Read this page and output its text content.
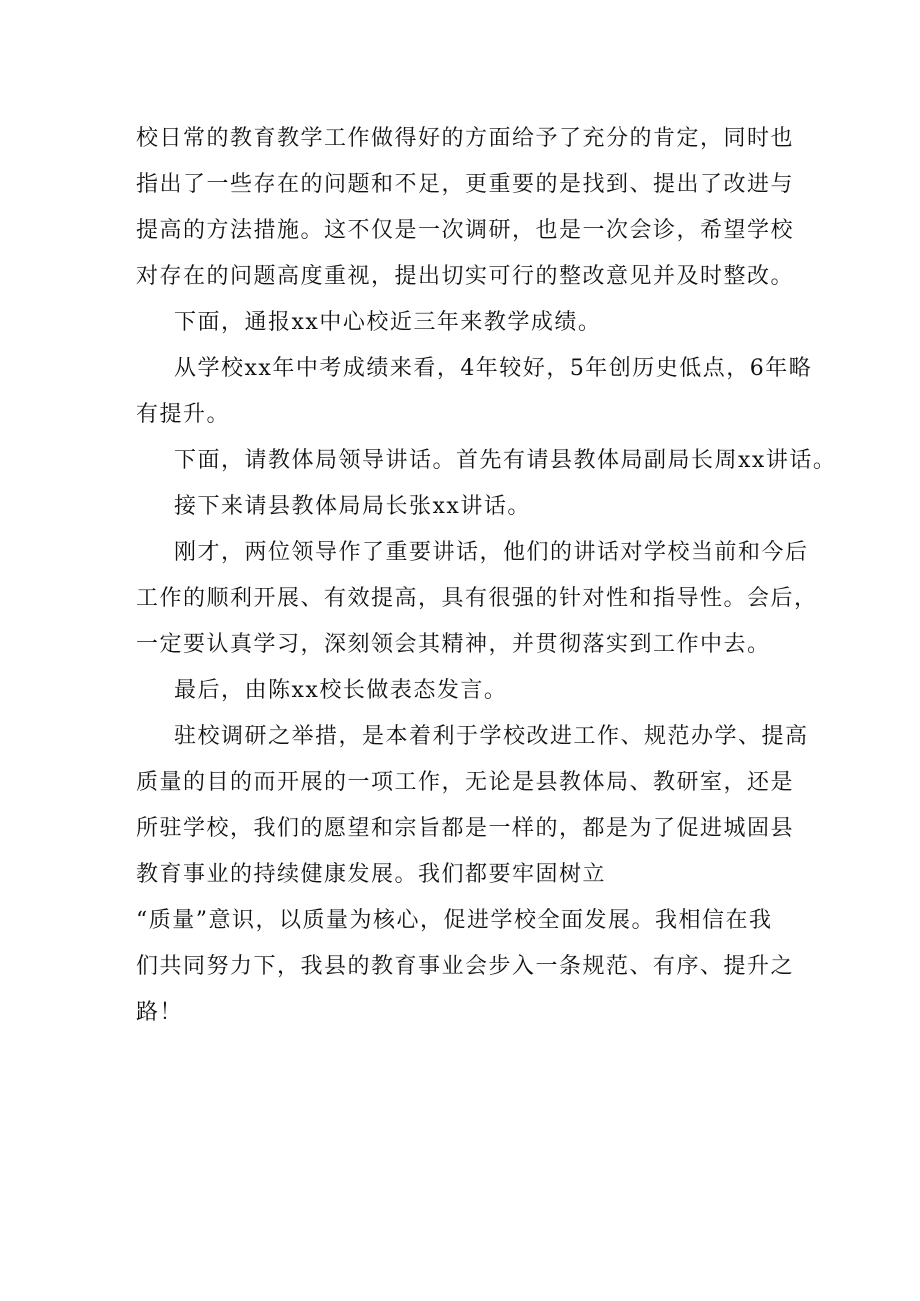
校日常的教育教学工作做得好的方面给予了充分的肯定，同时也
指出了一些存在的问题和不足，更重要的是找到、提出了改进与
提高的方法措施。这不仅是一次调研，也是一次会诊，希望学校
对存在的问题高度重视，提出切实可行的整改意见并及时整改。
下面，通报xx中心校近三年来教学成绩。
从学校xx年中考成绩来看，4年较好，5年创历史低点，6年略
有提升。
下面，请教体局领导讲话。首先有请县教体局副局长周xx讲话。
接下来请县教体局局长张xx讲话。
刚才，两位领导作了重要讲话，他们的讲话对学校当前和今后
工作的顺利开展、有效提高，具有很强的针对性和指导性。会后，
一定要认真学习，深刻领会其精神，并贯彻落实到工作中去。
最后，由陈xx校长做表态发言。
驻校调研之举措，是本着利于学校改进工作、规范办学、提高
质量的目的而开展的一项工作，无论是县教体局、教研室，还是
所驻学校，我们的愿望和宗旨都是一样的，都是为了促进城固县
教育事业的持续健康发展。我们都要牢固树立
“质量”意识，以质量为核心，促进学校全面发展。我相信在我
们共同努力下，我县的教育事业会步入一条规范、有序、提升之
路！
